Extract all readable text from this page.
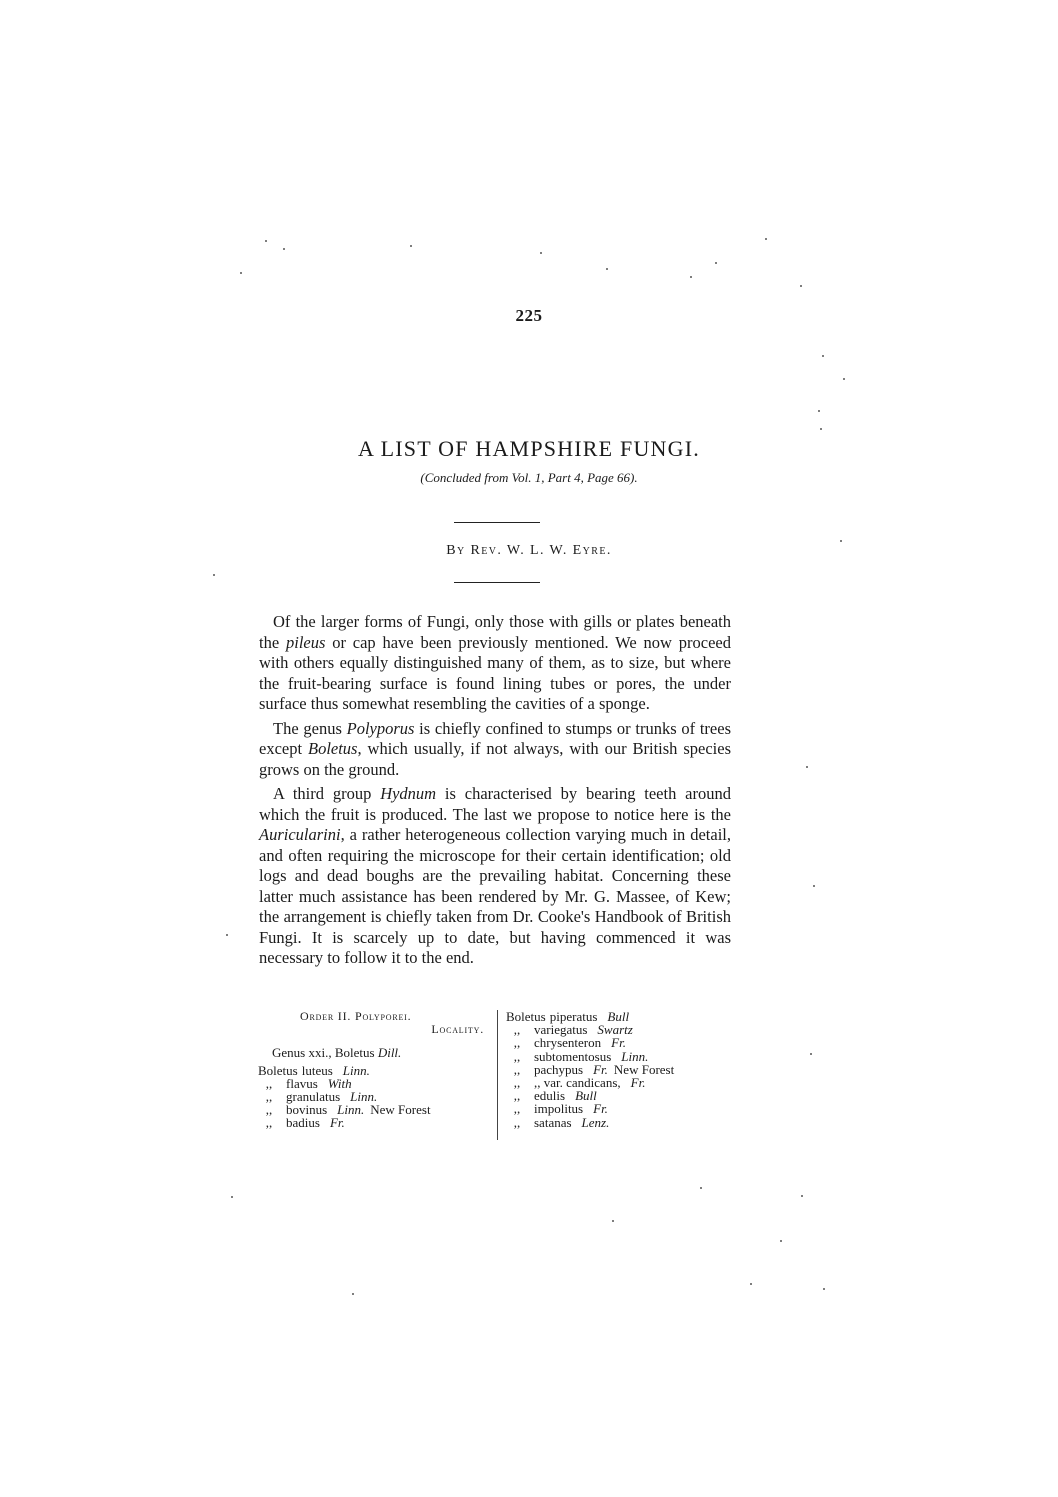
225
A LIST OF HAMPSHIRE FUNGI.
(Concluded from Vol. 1, Part 4, Page 66).
By Rev. W. L. W. Eyre.

Of the larger forms of Fungi, only those with gills or plates beneath the pileus or cap have been previously mentioned. We now proceed with others equally distinguished many of them, as to size, but where the fruit-bearing surface is found lining tubes or pores, the under surface thus somewhat resembling the cavities of a sponge.

The genus Polyporus is chiefly confined to stumps or trunks of trees except Boletus, which usually, if not always, with our British species grows on the ground.

A third group Hydnum is characterised by bearing teeth around which the fruit is produced. The last we propose to notice here is the Auricularini, a rather heterogeneous collection varying much in detail, and often requiring the microscope for their certain identification; old logs and dead boughs are the prevailing habitat. Concerning these latter much assistance has been rendered by Mr. G. Massee, of Kew; the arrangement is chiefly taken from Dr. Cooke's Handbook of British Fungi. It is scarcely up to date, but having commenced it was necessary to follow it to the end.

Order II. Polyporei.
Locality.
Genus xxi., Boletus Dill.
Boletus luteus Linn.
,, flavus With
,, granulatus Linn.
,, bovinus Linn. New Forest
,, badius Fr.
Boletus piperatus Bull
,, variegatus Swartz
,, chrysenteron Fr.
,, subtomentosus Linn.
,, pachypus Fr. New Forest
,, ,, var. candicans, Fr.
,, edulis Bull
,, impolitus Fr.
,, satanas Lenz.
